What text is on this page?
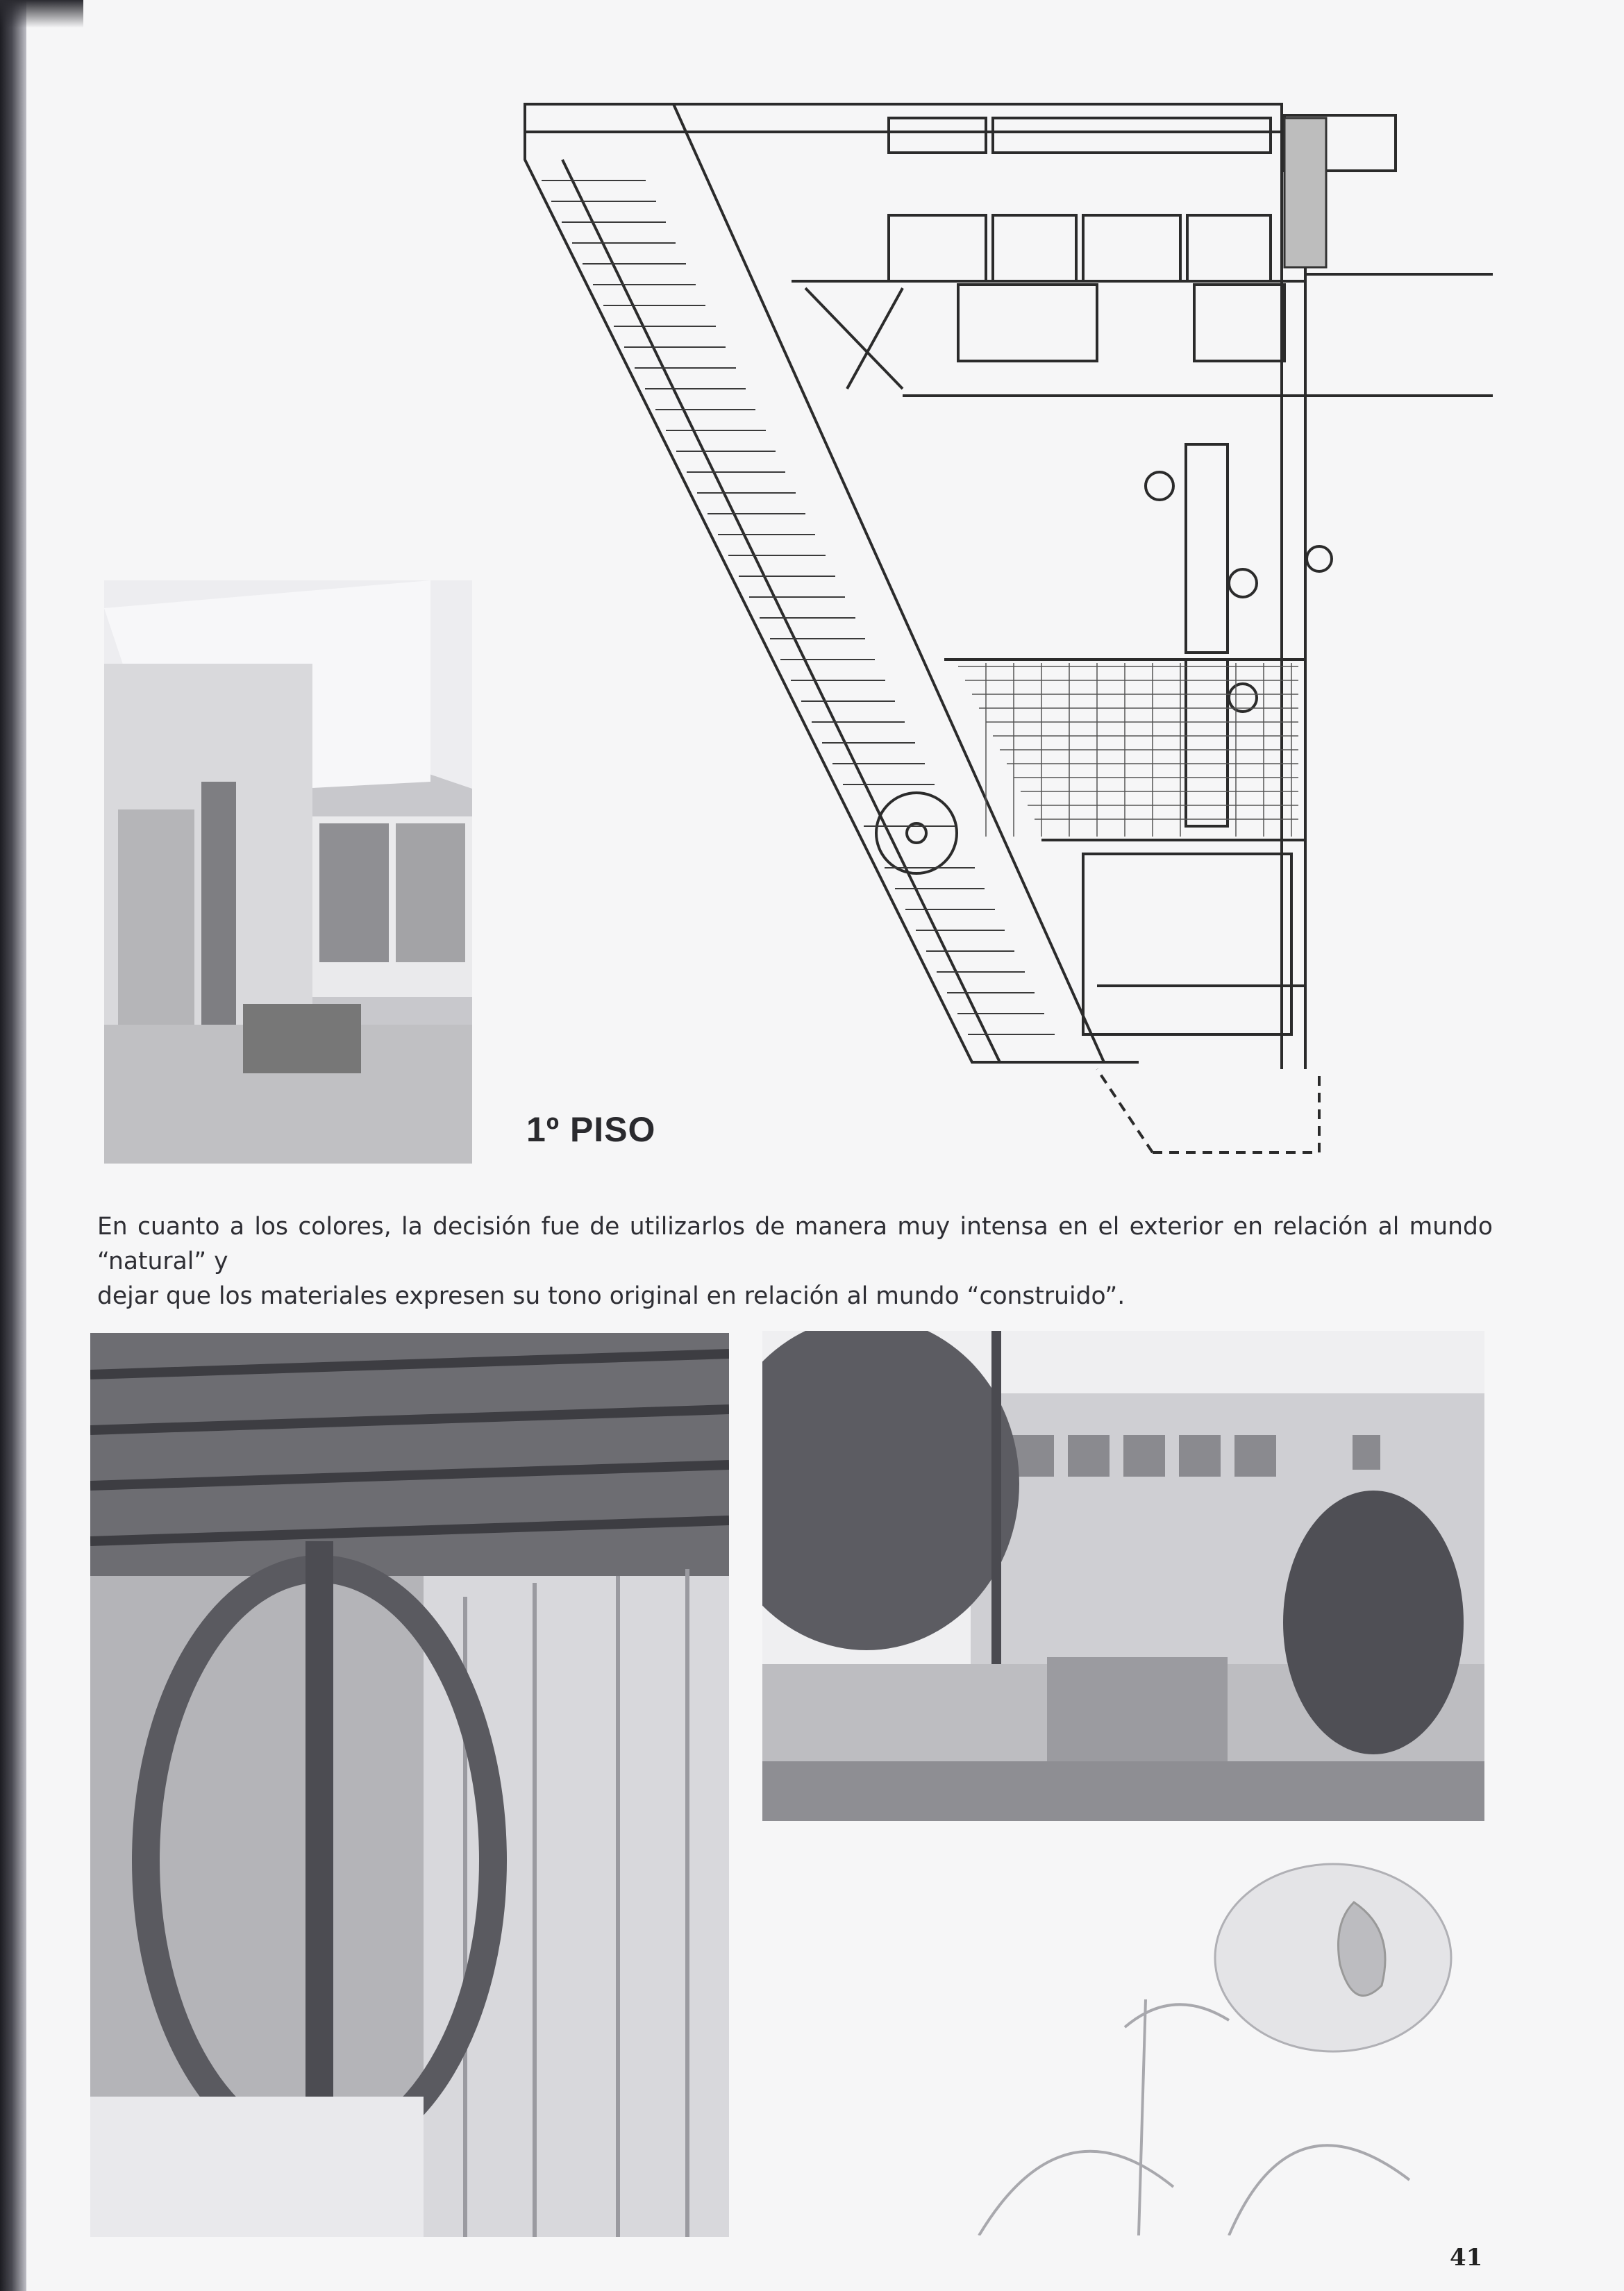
1º PISO

En cuanto a los colores, la decisión fue de utilizarlos de manera muy intensa en el exterior en relación al mundo “natural” y

dejar que los materiales expresen su tono original en relación al mundo “construido”.

41
